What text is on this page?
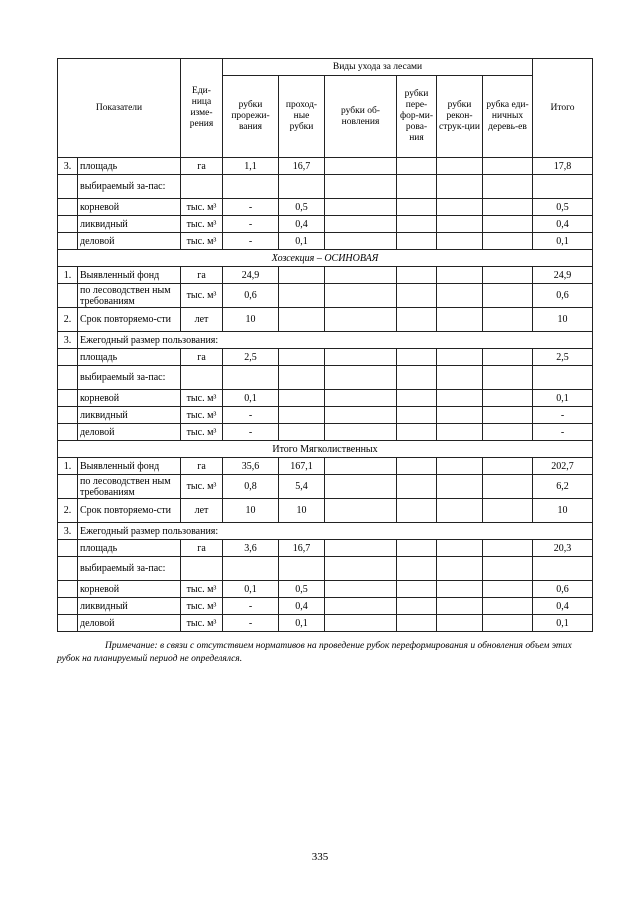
Показатели		Еди-ница изме-рения	Виды ухода за лесами						Итого
			рубки прорежи-вания	проход-ные рубки	рубки об-новления	рубки пере-фор-ми-рова-ния	рубки рекон-струк-ции	рубка еди-ничных деревь-ев	
3.	площадь	га	1,1	16,7					17,8
	выбираемый за-пас:								
	корневой	тыс. м³	-	0,5					0,5
	ликвидный	тыс. м³	-	0,4					0,4
	деловой	тыс. м³	-	0,1					0,1
Хозсекция – ОСИНОВАЯ									
1.	Выявленный фонд	га	24,9						24,9
	по лесоводствен ным требованиям	тыс. м³	0,6						0,6
2.	Срок повторяемо-сти	лет	10						10
3.	Ежегодный размер пользования:								
	площадь	га	2,5						2,5
	выбираемый за-пас:								
	корневой	тыс. м³	0,1						0,1
	ликвидный	тыс. м³	-						-
	деловой	тыс. м³	-						-
Итого Мягколиственных									
1.	Выявленный фонд	га	35,6	167,1					202,7
	по лесоводствен ным требованиям	тыс. м³	0,8	5,4					6,2
2.	Срок повторяемо-сти	лет	10	10					10
3.	Ежегодный размер пользования:								
	площадь	га	3,6	16,7					20,3
	выбираемый за-пас:								
	корневой	тыс. м³	0,1	0,5					0,6
	ликвидный	тыс. м³	-	0,4					0,4
	деловой	тыс. м³	-	0,1					0,1
Примечание: в связи с отсутствием нормативов на проведение рубок переформирования и обновления объем этих рубок на планируемый период не определялся.
335
